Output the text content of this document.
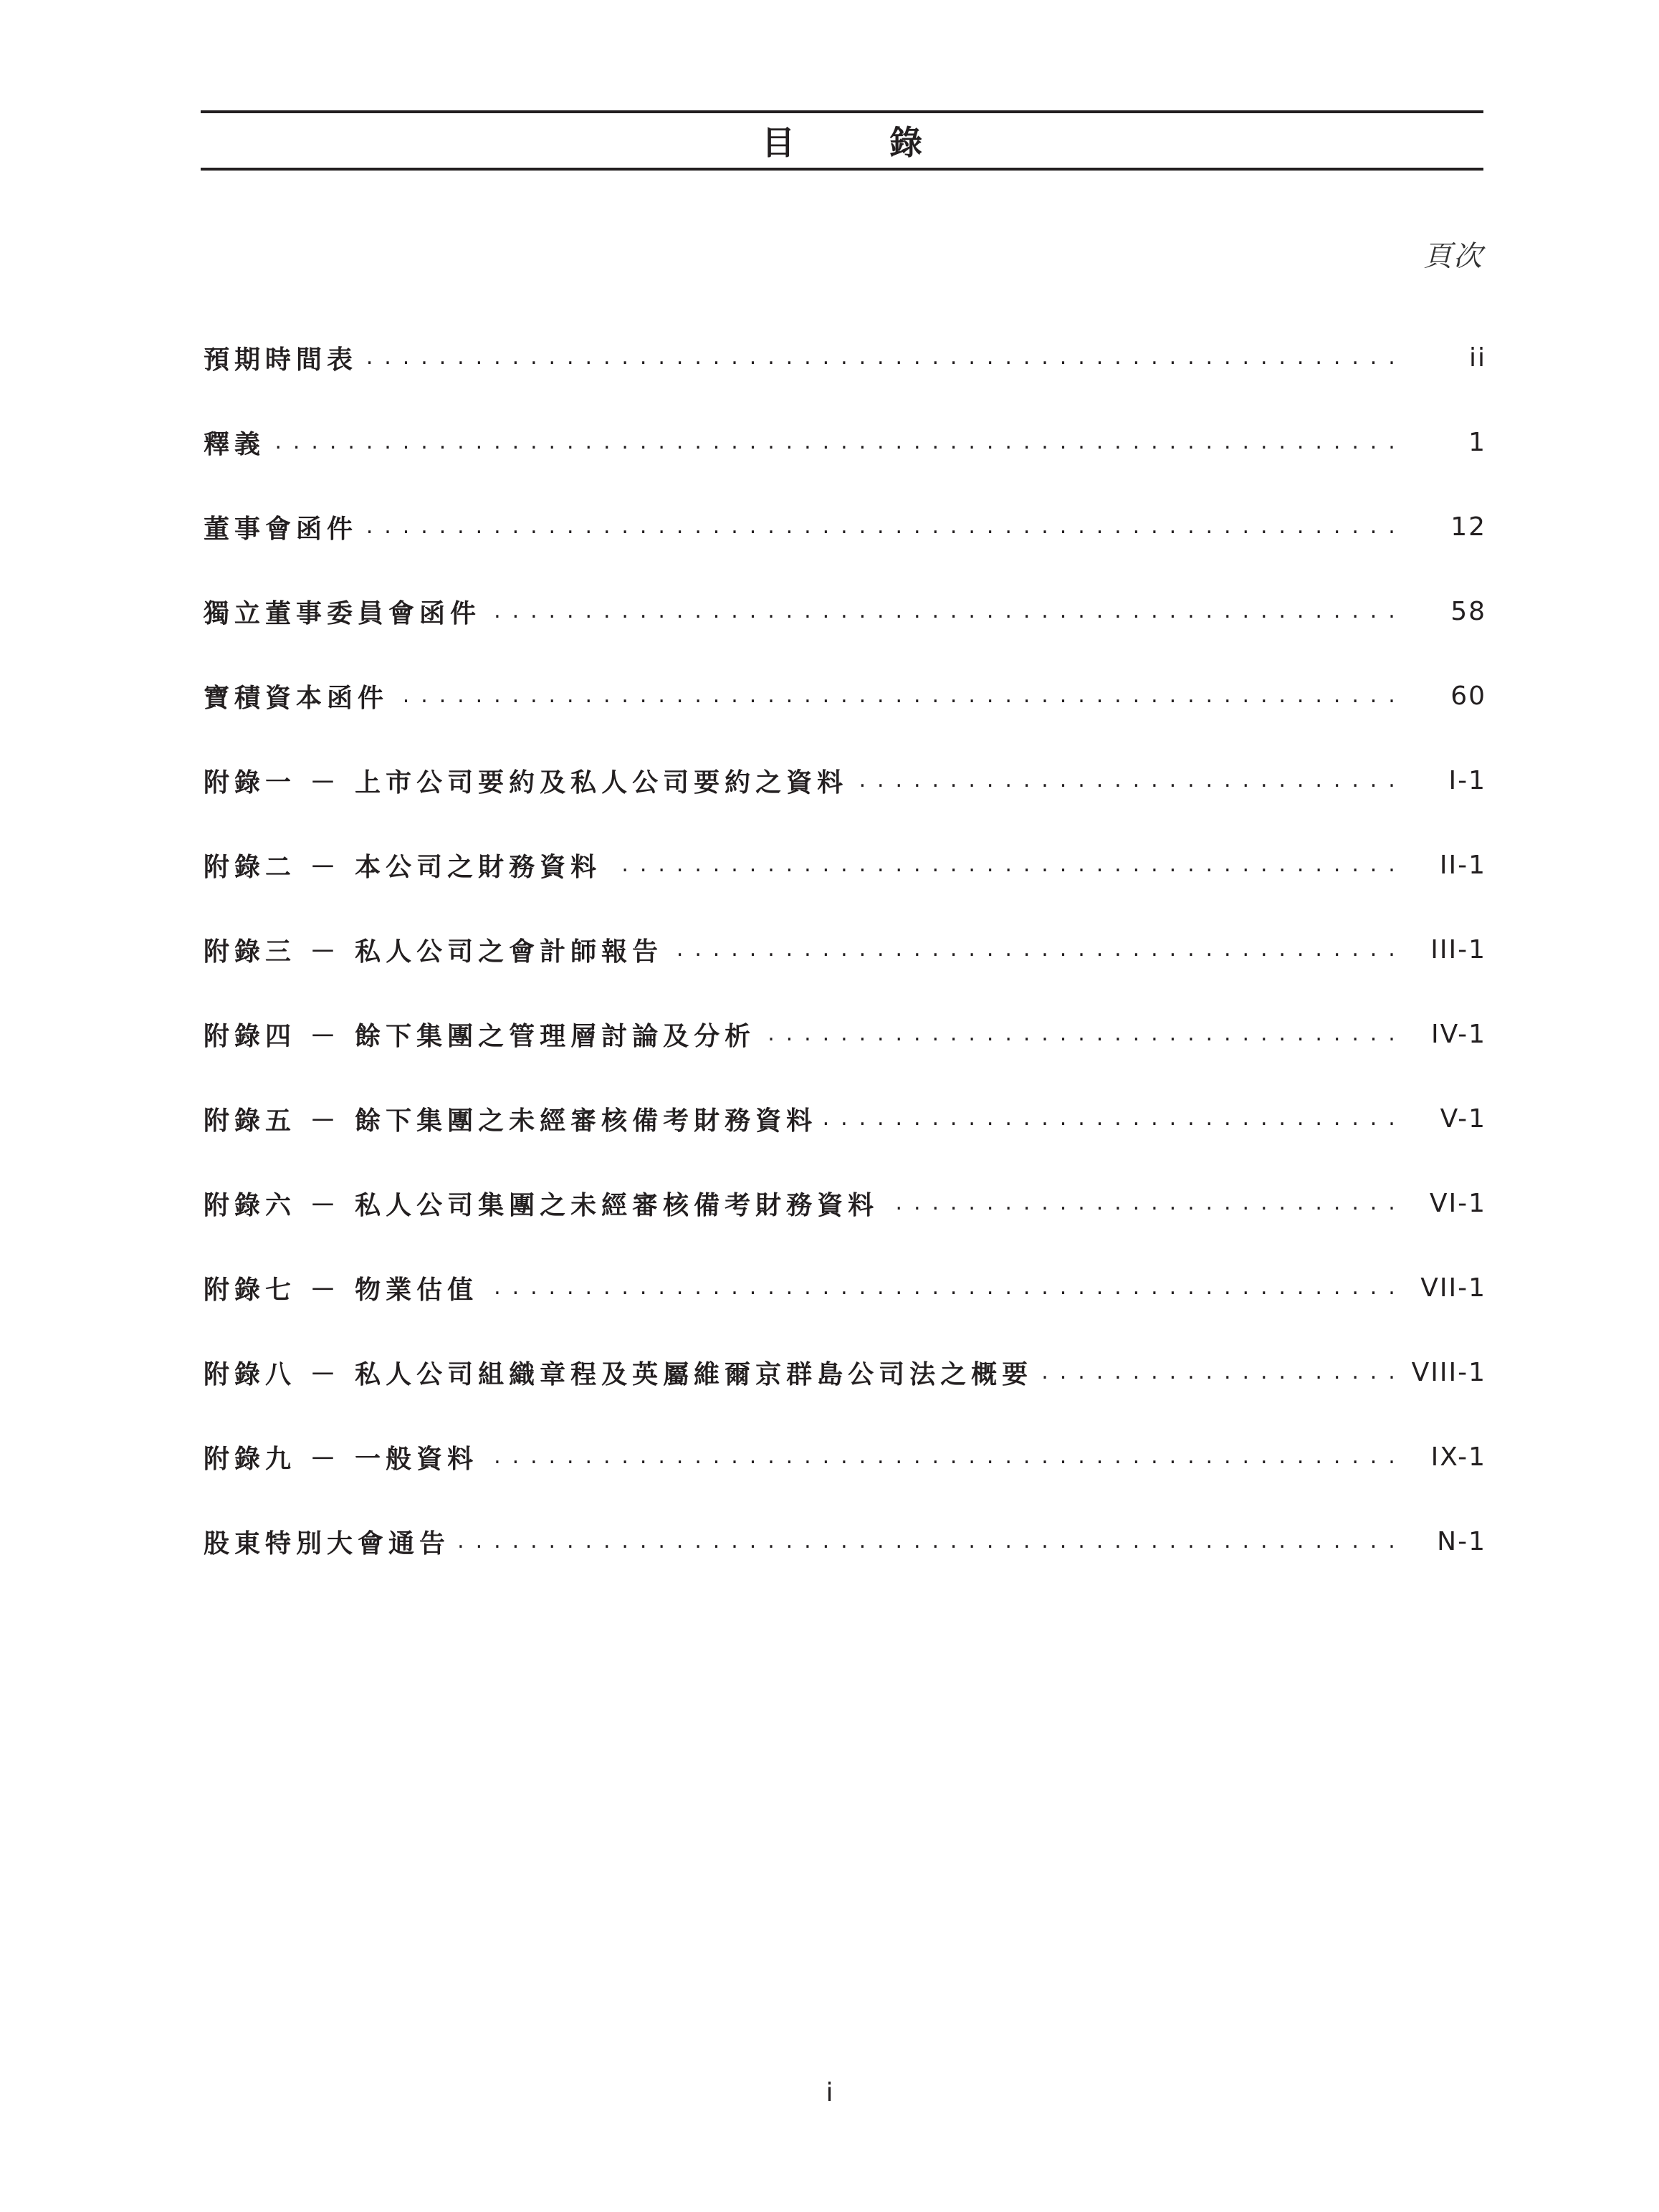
目 錄
頁次
預期時間表 . . .	ii
釋義 . . .	1
董事會函件 . . .	12
獨立董事委員會函件 . . .	58
寶積資本函件 . . .	60
附錄一 － 上市公司要約及私人公司要約之資料 . . .	I-1
附錄二 － 本公司之財務資料 . . .	II-1
附錄三 － 私人公司之會計師報告 . . .	III-1
附錄四 － 餘下集團之管理層討論及分析 . . .	IV-1
附錄五 － 餘下集團之未經審核備考財務資料 . . .	V-1
附錄六 － 私人公司集團之未經審核備考財務資料 . . .	VI-1
附錄七 － 物業估值 . . .	VII-1
附錄八 － 私人公司組織章程及英屬維爾京群島公司法之概要 . . .	VIII-1
附錄九 － 一般資料 . . .	IX-1
股東特別大會通告 . . .	N-1
i
